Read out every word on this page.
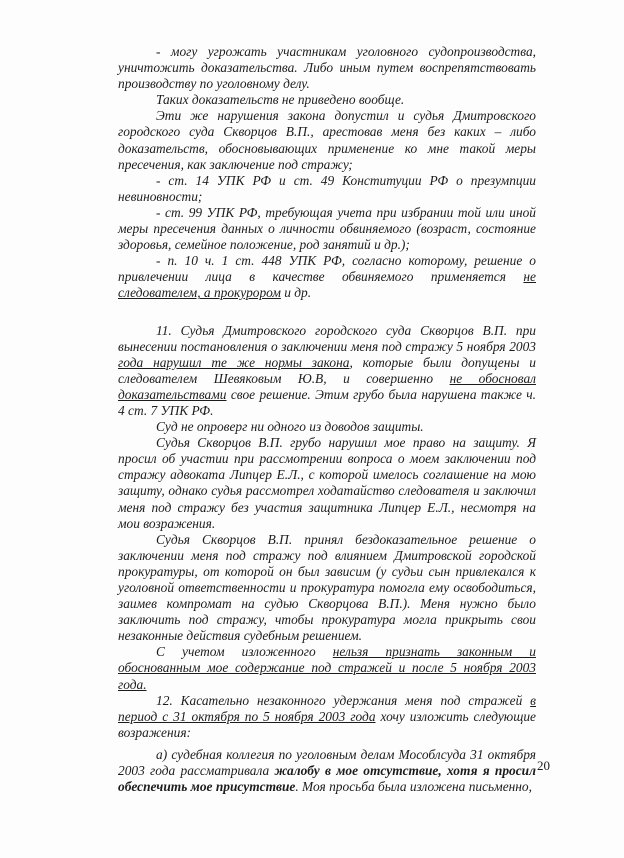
- могу угрожать участникам уголовного судопроизводства, уничтожить доказательства. Либо иным путем воспрепятствовать производству по уголовному делу.

Таких доказательств не приведено вообще.

Эти же нарушения закона допустил и судья Дмитровского городского суда Скворцов В.П., арестовав меня без каких – либо доказательств, обосновывающих применение ко мне такой меры пресечения, как заключение под стражу;

- ст. 14 УПК РФ и ст. 49 Конституции РФ о презумпции невиновности;

- ст. 99 УПК РФ, требующая учета при избрании той или иной меры пресечения данных о личности обвиняемого (возраст, состояние здоровья, семейное положение, род занятий и др.);

- п. 10 ч. 1 ст. 448 УПК РФ, согласно которому, решение о привлечении лица в качестве обвиняемого применяется не следователем, а прокурором и др.

11. Судья Дмитровского городского суда Скворцов В.П. при вынесении постановления о заключении меня под стражу 5 ноября 2003 года нарушил те же нормы закона, которые были допущены и следователем Шевяковым Ю.В, и совершенно не обосновал доказательствами свое решение. Этим грубо была нарушена также ч. 4 ст. 7 УПК РФ.

Суд не опроверг ни одного из доводов защиты.

Судья Скворцов В.П. грубо нарушил мое право на защиту. Я просил об участии при рассмотрении вопроса о моем заключении под стражу адвоката Липцер Е.Л., с которой имелось соглашение на мою защиту, однако судья рассмотрел ходатайство следователя и заключил меня под стражу без участия защитника Липцер Е.Л., несмотря на мои возражения.

Судья Скворцов В.П. принял бездоказательное решение о заключении меня под стражу под влиянием Дмитровской городской прокуратуры, от которой он был зависим (у судьи сын привлекался к уголовной ответственности и прокуратура помогла ему освободиться, заимев компромат на судью Скворцова В.П.). Меня нужно было заключить под стражу, чтобы прокуратура могла прикрыть свои незаконные действия судебным решением.

С учетом изложенного нельзя признать законным и обоснованным мое содержание под стражей и после 5 ноября 2003 года.

12. Касательно незаконного удержания меня под стражей в период с 31 октября по 5 ноября 2003 года хочу изложить следующие возражения:

а) судебная коллегия по уголовным делам Мособлсуда 31 октября 2003 года рассматривала жалобу в мое отсутствие, хотя я просил обеспечить мое присутствие. Моя просьба была изложена письменно,

20
